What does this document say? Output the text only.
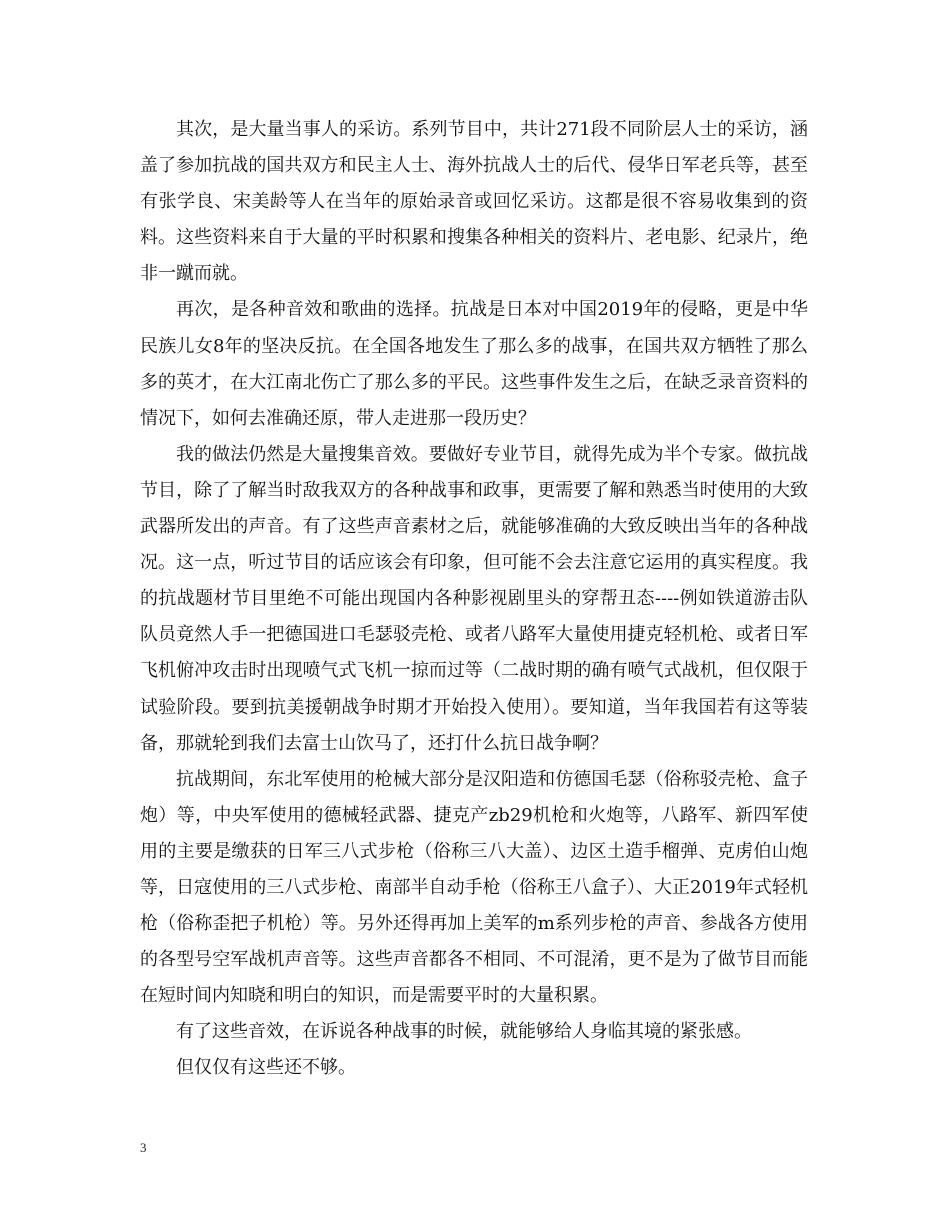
其次，是大量当事人的采访。系列节目中，共计271段不同阶层人士的采访，涵盖了参加抗战的国共双方和民主人士、海外抗战人士的后代、侵华日军老兵等，甚至有张学良、宋美龄等人在当年的原始录音或回忆采访。这都是很不容易收集到的资料。这些资料来自于大量的平时积累和搜集各种相关的资料片、老电影、纪录片，绝非一蹴而就。

再次，是各种音效和歌曲的选择。抗战是日本对中国2019年的侵略，更是中华民族儿女8年的坚决反抗。在全国各地发生了那么多的战事，在国共双方牺牲了那么多的英才，在大江南北伤亡了那么多的平民。这些事件发生之后，在缺乏录音资料的情况下，如何去准确还原，带人走进那一段历史？

我的做法仍然是大量搜集音效。要做好专业节目，就得先成为半个专家。做抗战节目，除了了解当时敌我双方的各种战事和政事，更需要了解和熟悉当时使用的大致武器所发出的声音。有了这些声音素材之后，就能够准确的大致反映出当年的各种战况。这一点，听过节目的话应该会有印象，但可能不会去注意它运用的真实程度。我的抗战题材节目里绝不可能出现国内各种影视剧里头的穿帮丑态----例如铁道游击队队员竟然人手一把德国进口毛瑟驳壳枪、或者八路军大量使用捷克轻机枪、或者日军飞机俯冲攻击时出现喷气式飞机一掠而过等（二战时期的确有喷气式战机，但仅限于试验阶段。要到抗美援朝战争时期才开始投入使用）。要知道，当年我国若有这等装备，那就轮到我们去富士山饮马了，还打什么抗日战争啊？

抗战期间，东北军使用的枪械大部分是汉阳造和仿德国毛瑟（俗称驳壳枪、盒子炮）等，中央军使用的德械轻武器、捷克产zb29机枪和火炮等，八路军、新四军使用的主要是缴获的日军三八式步枪（俗称三八大盖）、边区土造手榴弹、克虏伯山炮等，日寇使用的三八式步枪、南部半自动手枪（俗称王八盒子）、大正2019年式轻机枪（俗称歪把子机枪）等。另外还得再加上美军的m系列步枪的声音、参战各方使用的各型号空军战机声音等。这些声音都各不相同、不可混淆，更不是为了做节目而能在短时间内知晓和明白的知识，而是需要平时的大量积累。

有了这些音效，在诉说各种战事的时候，就能够给人身临其境的紧张感。

但仅仅有这些还不够。

3
